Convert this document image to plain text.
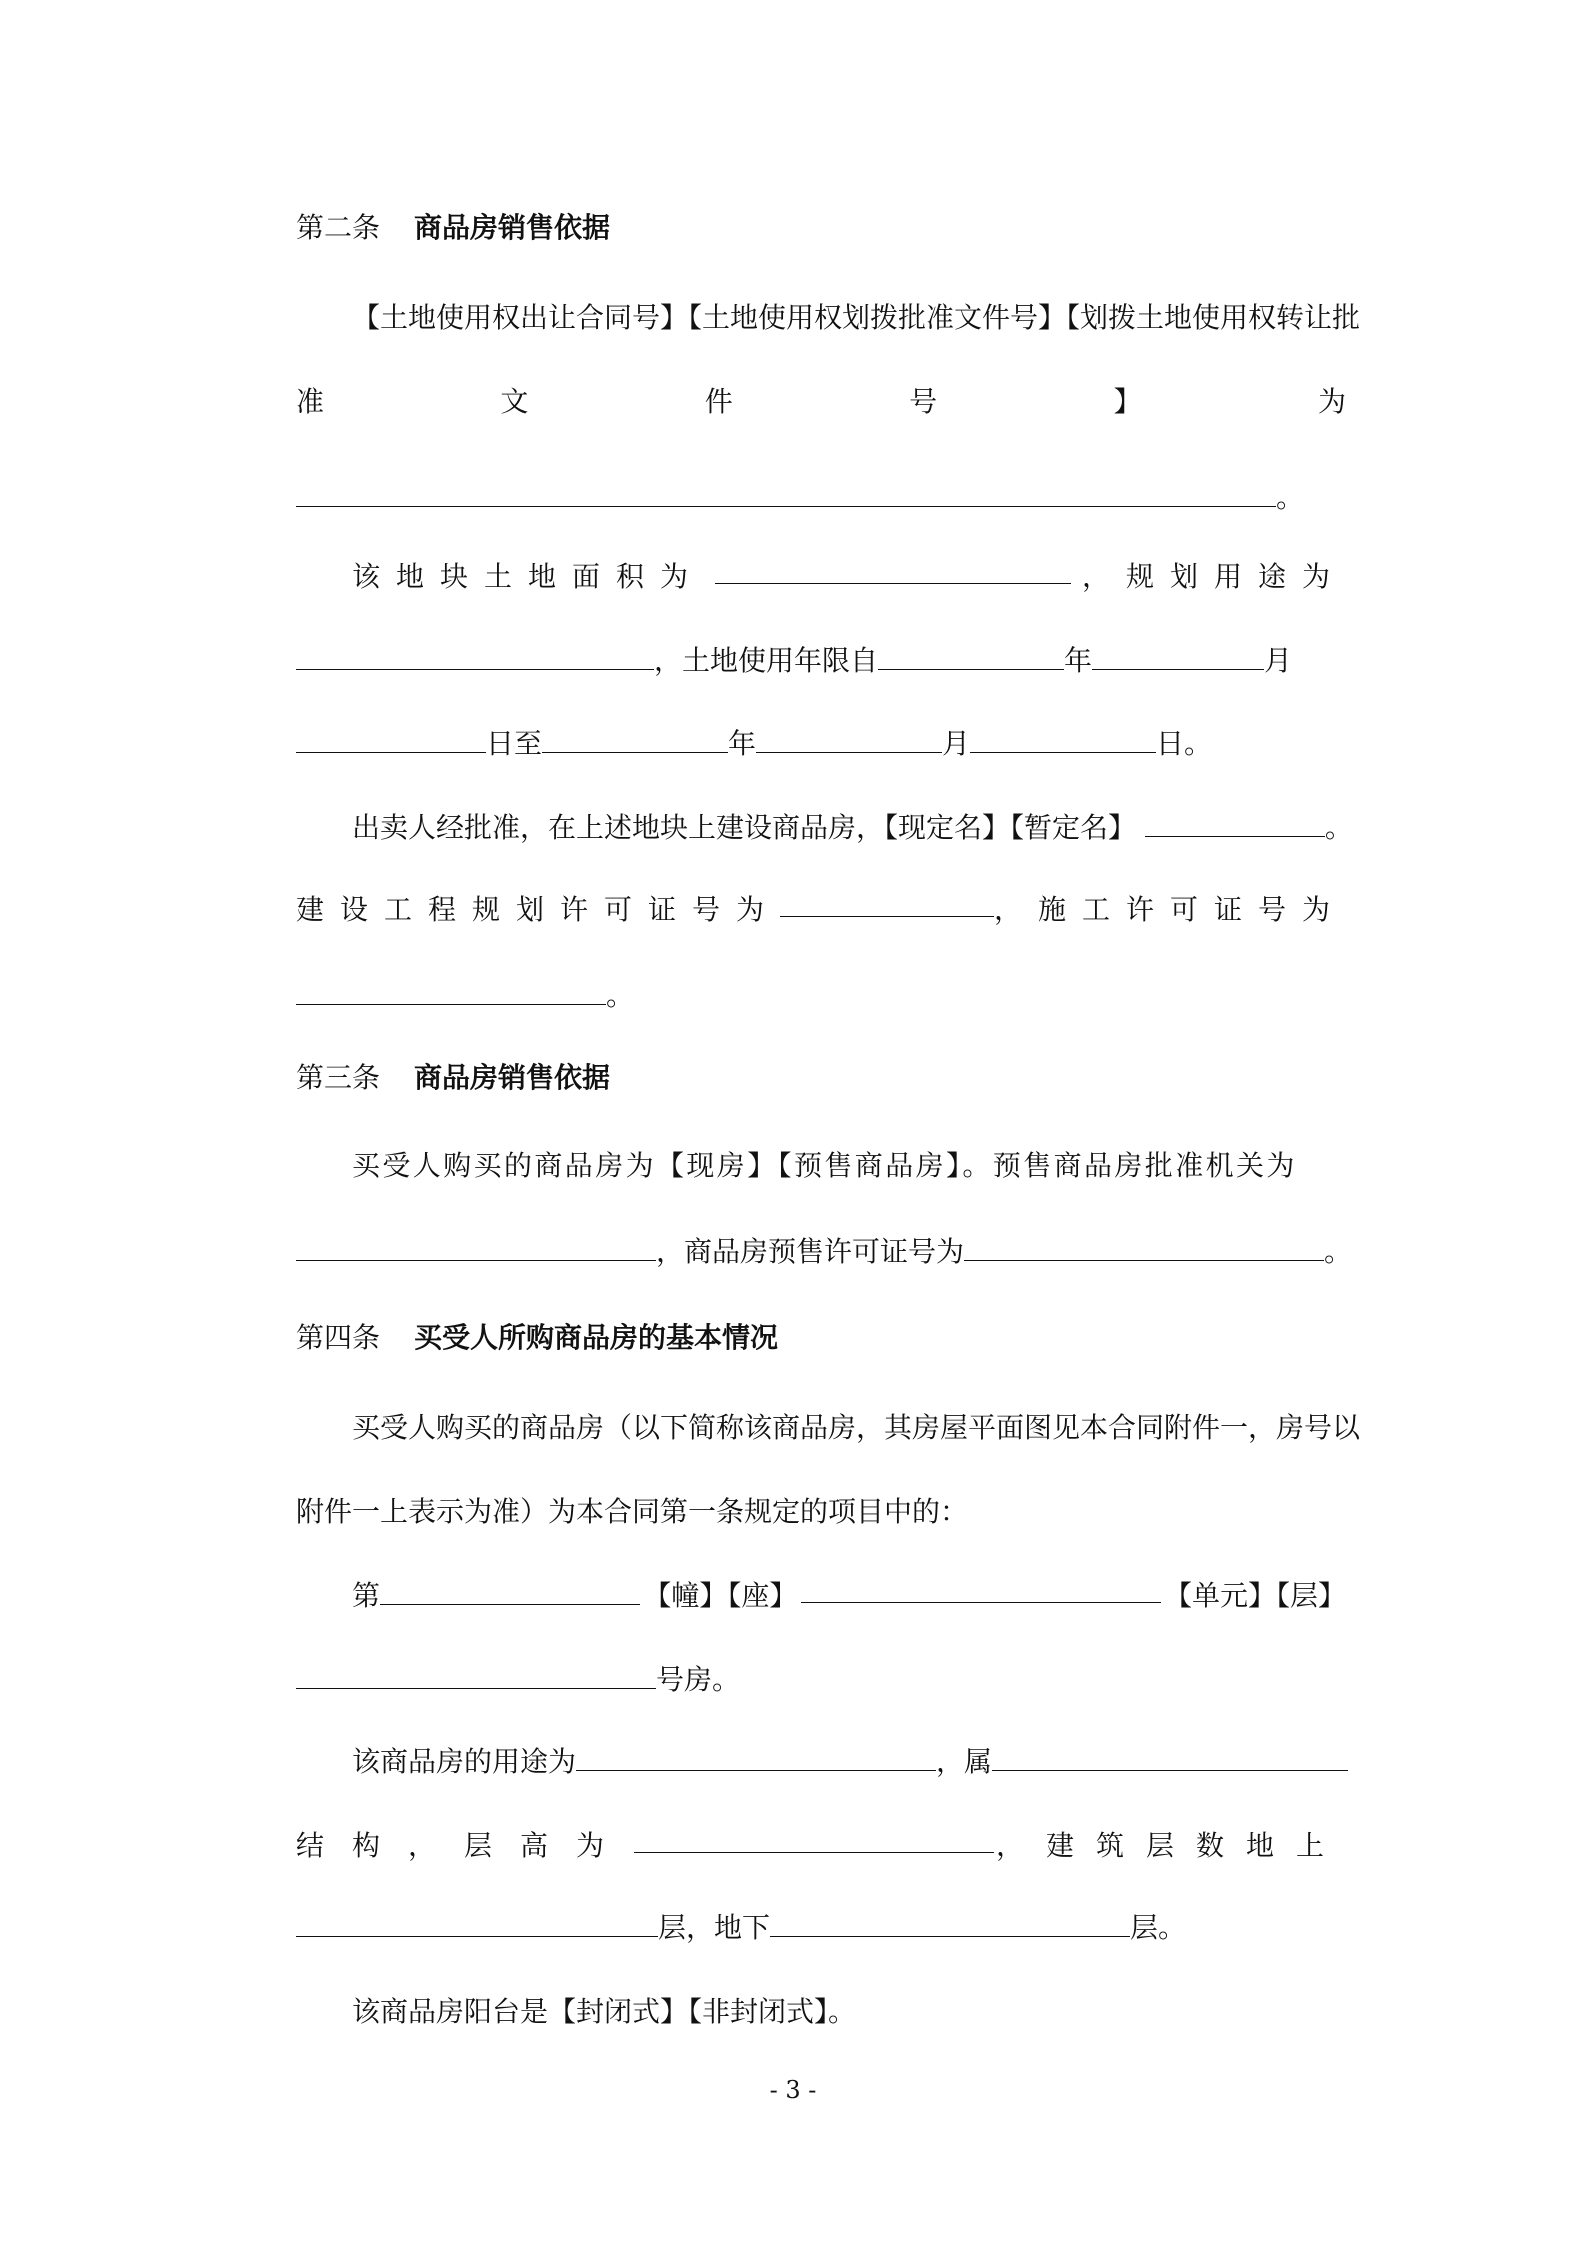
第二条 商品房销售依据
【土地使用权出让合同号】【土地使用权划拨批准文件号】【划拨土地使用权转让批
准	文	件	号	】	为
。
该地块土地面积为	，规划用途为
，土地使用年限自	年	月
日至	年	月	日。
出卖人经批准，在上述地块上建设商品房，【现定名】【暂定名】	。
建设工程规划许可证号为	，施工许可证号为
。
第三条 商品房销售依据
买受人购买的商品房为【现房】【预售商品房】。预售商品房批准机关为
，商品房预售许可证号为	。
第四条 买受人所购商品房的基本情况
买受人购买的商品房（以下简称该商品房，其房屋平面图见本合同附件一，房号以
附件一上表示为准）为本合同第一条规定的项目中的：
第	【幢】【座】	【单元】【层】
号房。
该商品房的用途为	，属
结构，层高为	，建筑层数地上
层，地下	层。
该商品房阳台是【封闭式】【非封闭式】。
- 3 -
